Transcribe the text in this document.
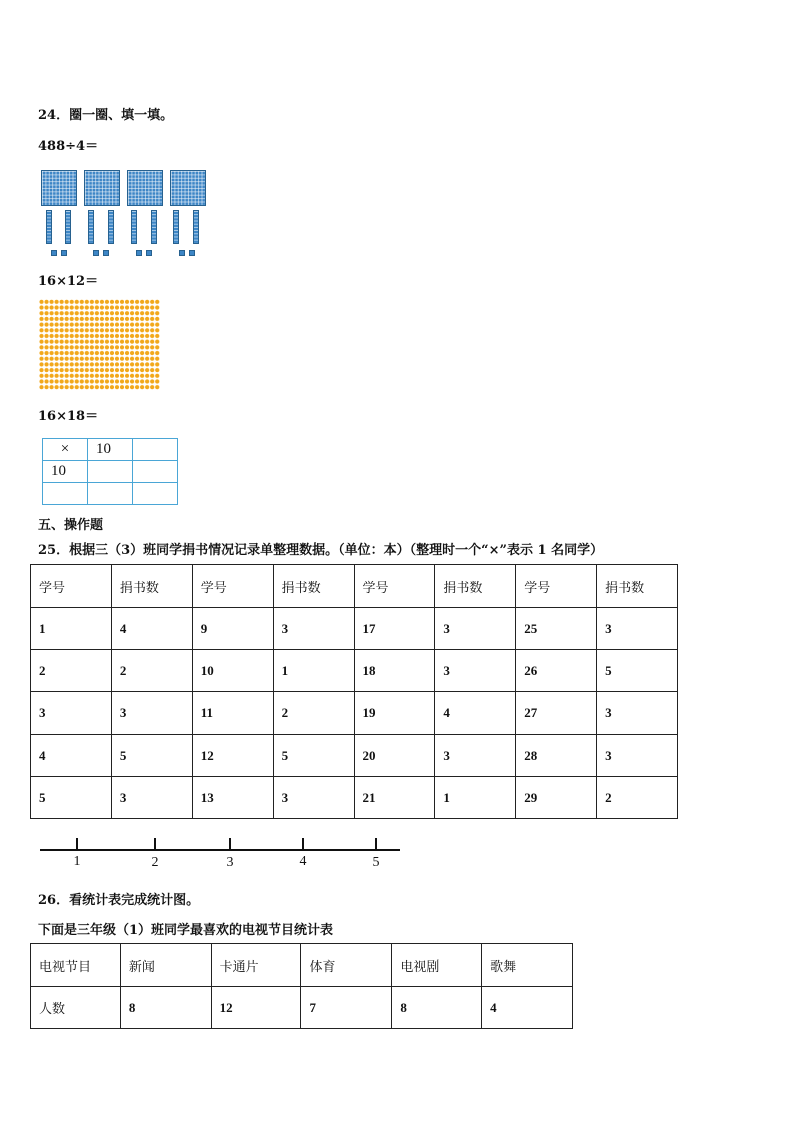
24．圈一圈、填一填。
488÷4＝
16×12＝
16×18＝
×	10	
10		

五、操作题
25．根据三（3）班同学捐书情况记录单整理数据。（单位：本）（整理时一个“×”表示 1 名同学）
学号	捐书数	学号	捐书数	学号	捐书数	学号	捐书数
1	4	9	3	17	3	25	3
2	2	10	1	18	3	26	5
3	3	11	2	19	4	27	3
4	5	12	5	20	3	28	3
5	3	13	3	21	1	29	2
1	2	3	4	5
26．看统计表完成统计图。
下面是三年级（1）班同学最喜欢的电视节目统计表
电视节目	新闻	卡通片	体育	电视剧	歌舞
人数	8	12	7	8	4
